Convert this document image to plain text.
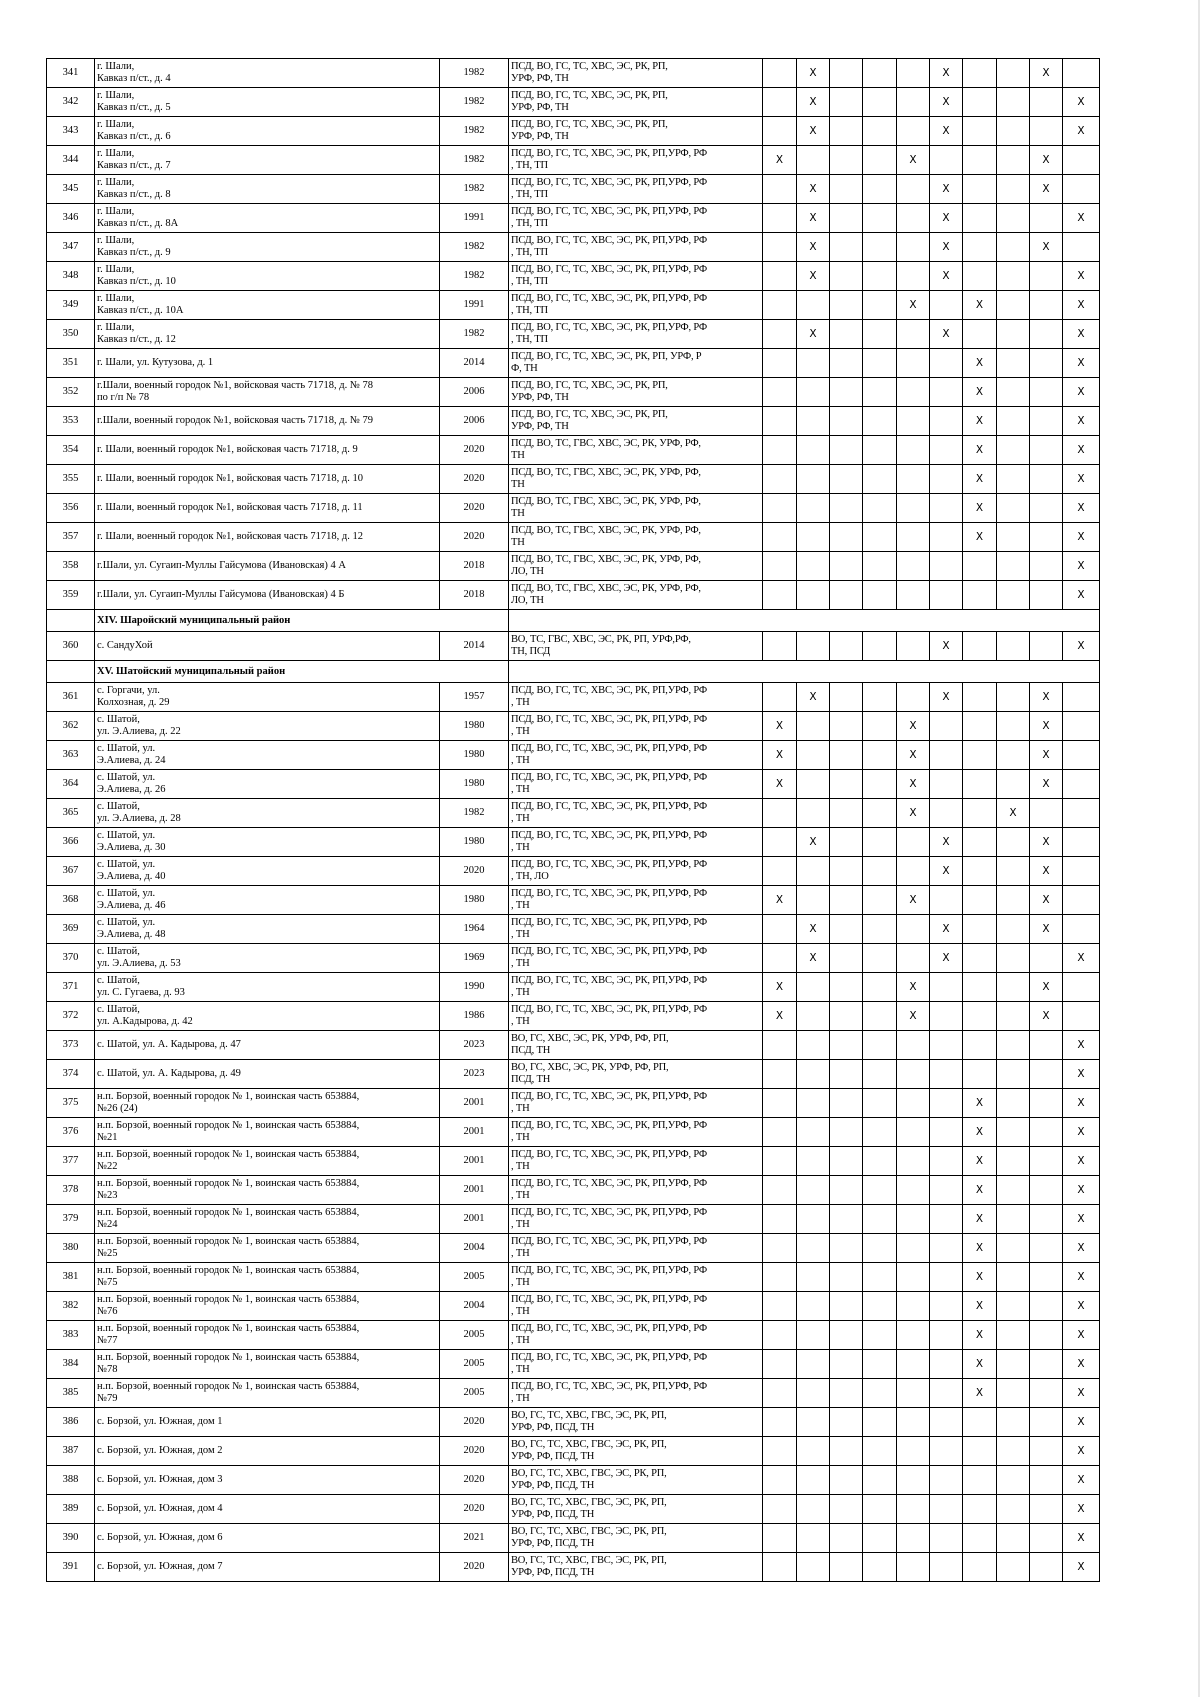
341	г. Шали,
Кавказ п/ст., д. 4	1982	ПСД, ВО, ГС, ТС, ХВС, ЭС, РК, РП,
УРФ, РФ, ТН		X				X			X	
342	г. Шали,
Кавказ п/ст., д. 5	1982	ПСД, ВО, ГС, ТС, ХВС, ЭС, РК, РП,
УРФ, РФ, ТН		X				X				X
343	г. Шали,
Кавказ п/ст., д. 6	1982	ПСД, ВО, ГС, ТС, ХВС, ЭС, РК, РП,
УРФ, РФ, ТН		X				X				X
344	г. Шали,
Кавказ п/ст., д. 7	1982	ПСД, ВО, ГС, ТС, ХВС, ЭС, РК, РП,УРФ, РФ
, ТН, ТП	X				X				X	
345	г. Шали,
Кавказ п/ст., д. 8	1982	ПСД, ВО, ГС, ТС, ХВС, ЭС, РК, РП,УРФ, РФ
, ТН, ТП		X				X			X	
346	г. Шали,
Кавказ п/ст., д. 8А	1991	ПСД, ВО, ГС, ТС, ХВС, ЭС, РК, РП,УРФ, РФ
, ТН, ТП		X				X				X
347	г. Шали,
Кавказ п/ст., д. 9	1982	ПСД, ВО, ГС, ТС, ХВС, ЭС, РК, РП,УРФ, РФ
, ТН, ТП		X				X			X	
348	г. Шали,
Кавказ п/ст., д. 10	1982	ПСД, ВО, ГС, ТС, ХВС, ЭС, РК, РП,УРФ, РФ
, ТН, ТП		X				X				X
349	г. Шали,
Кавказ п/ст., д. 10А	1991	ПСД, ВО, ГС, ТС, ХВС, ЭС, РК, РП,УРФ, РФ
, ТН, ТП					X		X			X
350	г. Шали,
Кавказ п/ст., д. 12	1982	ПСД, ВО, ГС, ТС, ХВС, ЭС, РК, РП,УРФ, РФ
, ТН, ТП		X				X				X
351	г. Шали, ул. Кутузова, д. 1	2014	ПСД, ВО, ГС, ТС, ХВС, ЭС, РК, РП, УРФ, Р
Ф, ТН							X			X
352	г.Шали, военный городок №1, войсковая часть 71718, д. № 78
по г/п № 78	2006	ПСД, ВО, ГС, ТС, ХВС, ЭС, РК, РП,
УРФ, РФ, ТН							X			X
353	г.Шали, военный городок №1, войсковая часть 71718, д. № 79	2006	ПСД, ВО, ГС, ТС, ХВС, ЭС, РК, РП,
УРФ, РФ, ТН							X			X
354	г. Шали, военный городок №1, войсковая часть 71718, д. 9	2020	ПСД, ВО, ТС, ГВС, ХВС, ЭС, РК, УРФ, РФ,
ТН							X			X
355	г. Шали, военный городок №1, войсковая часть 71718, д. 10	2020	ПСД, ВО, ТС, ГВС, ХВС, ЭС, РК, УРФ, РФ,
ТН							X			X
356	г. Шали, военный городок №1, войсковая часть 71718, д. 11	2020	ПСД, ВО, ТС, ГВС, ХВС, ЭС, РК, УРФ, РФ,
ТН							X			X
357	г. Шали, военный городок №1, войсковая часть 71718, д. 12	2020	ПСД, ВО, ТС, ГВС, ХВС, ЭС, РК, УРФ, РФ,
ТН							X			X
358	г.Шали, ул. Сугаип-Муллы Гайсумова (Ивановская) 4 А	2018	ПСД, ВО, ТС, ГВС, ХВС, ЭС, РК, УРФ, РФ,
ЛО, ТН										X
359	г.Шали, ул. Сугаип-Муллы Гайсумова (Ивановская) 4 Б	2018	ПСД, ВО, ТС, ГВС, ХВС, ЭС, РК, УРФ, РФ,
ЛО, ТН										X
	XIV. Шаройский муниципальный район												
360	с. СандуХой	2014	ВО, ТС, ГВС, ХВС, ЭС, РК, РП, УРФ,РФ,
ТН, ПСД						X				X
	XV. Шатойский муниципальный район												
361	с. Горгачи, ул.
Колхозная, д. 29	1957	ПСД, ВО, ГС, ТС, ХВС, ЭС, РК, РП,УРФ, РФ
, ТН		X				X			X	
362	с. Шатой,
ул. Э.Алиева, д. 22	1980	ПСД, ВО, ГС, ТС, ХВС, ЭС, РК, РП,УРФ, РФ
, ТН	X				X				X	
363	с. Шатой, ул.
Э.Алиева, д. 24	1980	ПСД, ВО, ГС, ТС, ХВС, ЭС, РК, РП,УРФ, РФ
, ТН	X				X				X	
364	с. Шатой, ул.
Э.Алиева, д. 26	1980	ПСД, ВО, ГС, ТС, ХВС, ЭС, РК, РП,УРФ, РФ
, ТН	X				X				X	
365	с. Шатой,
ул. Э.Алиева, д. 28	1982	ПСД, ВО, ГС, ТС, ХВС, ЭС, РК, РП,УРФ, РФ
, ТН					X			X		
366	с. Шатой, ул.
Э.Алиева, д. 30	1980	ПСД, ВО, ГС, ТС, ХВС, ЭС, РК, РП,УРФ, РФ
, ТН		X				X			X	
367	с. Шатой, ул.
Э.Алиева, д. 40	2020	ПСД, ВО, ГС, ТС, ХВС, ЭС, РК, РП,УРФ, РФ
, ТН, ЛО						X			X	
368	с. Шатой, ул.
Э.Алиева, д. 46	1980	ПСД, ВО, ГС, ТС, ХВС, ЭС, РК, РП,УРФ, РФ
, ТН	X				X				X	
369	с. Шатой, ул.
Э.Алиева, д. 48	1964	ПСД, ВО, ГС, ТС, ХВС, ЭС, РК, РП,УРФ, РФ
, ТН		X				X			X	
370	с. Шатой,
ул. Э.Алиева, д. 53	1969	ПСД, ВО, ГС, ТС, ХВС, ЭС, РК, РП,УРФ, РФ
, ТН		X				X				X
371	с. Шатой,
ул. С. Гугаева, д. 93	1990	ПСД, ВО, ГС, ТС, ХВС, ЭС, РК, РП,УРФ, РФ
, ТН	X				X				X	
372	с. Шатой,
ул. А.Кадырова, д. 42	1986	ПСД, ВО, ГС, ТС, ХВС, ЭС, РК, РП,УРФ, РФ
, ТН	X				X				X	
373	с. Шатой, ул. А. Кадырова, д. 47	2023	ВО, ГС, ХВС, ЭС, РК, УРФ, РФ, РП,
ПСД, ТН										X
374	с. Шатой, ул. А. Кадырова, д. 49	2023	ВО, ГС, ХВС, ЭС, РК, УРФ, РФ, РП,
ПСД, ТН										X
375	н.п. Борзой, военный городок № 1, воинская часть 653884,
№26 (24)	2001	ПСД, ВО, ГС, ТС, ХВС, ЭС, РК, РП,УРФ, РФ
, ТН							X			X
376	н.п. Борзой, военный городок № 1, воинская часть 653884,
№21	2001	ПСД, ВО, ГС, ТС, ХВС, ЭС, РК, РП,УРФ, РФ
, ТН							X			X
377	н.п. Борзой, военный городок № 1, воинская часть 653884,
№22	2001	ПСД, ВО, ГС, ТС, ХВС, ЭС, РК, РП,УРФ, РФ
, ТН							X			X
378	н.п. Борзой, военный городок № 1, воинская часть 653884,
№23	2001	ПСД, ВО, ГС, ТС, ХВС, ЭС, РК, РП,УРФ, РФ
, ТН							X			X
379	н.п. Борзой, военный городок № 1, воинская часть 653884,
№24	2001	ПСД, ВО, ГС, ТС, ХВС, ЭС, РК, РП,УРФ, РФ
, ТН							X			X
380	н.п. Борзой, военный городок № 1, воинская часть 653884,
№25	2004	ПСД, ВО, ГС, ТС, ХВС, ЭС, РК, РП,УРФ, РФ
, ТН							X			X
381	н.п. Борзой, военный городок № 1, воинская часть 653884,
№75	2005	ПСД, ВО, ГС, ТС, ХВС, ЭС, РК, РП,УРФ, РФ
, ТН							X			X
382	н.п. Борзой, военный городок № 1, воинская часть 653884,
№76	2004	ПСД, ВО, ГС, ТС, ХВС, ЭС, РК, РП,УРФ, РФ
, ТН							X			X
383	н.п. Борзой, военный городок № 1, воинская часть 653884,
№77	2005	ПСД, ВО, ГС, ТС, ХВС, ЭС, РК, РП,УРФ, РФ
, ТН							X			X
384	н.п. Борзой, военный городок № 1, воинская часть 653884,
№78	2005	ПСД, ВО, ГС, ТС, ХВС, ЭС, РК, РП,УРФ, РФ
, ТН							X			X
385	н.п. Борзой, военный городок № 1, воинская часть 653884,
№79	2005	ПСД, ВО, ГС, ТС, ХВС, ЭС, РК, РП,УРФ, РФ
, ТН							X			X
386	с. Борзой, ул. Южная, дом 1	2020	ВО, ГС, ТС, ХВС, ГВС, ЭС, РК, РП,
УРФ, РФ, ПСД, ТН										X
387	с. Борзой, ул. Южная, дом 2	2020	ВО, ГС, ТС, ХВС, ГВС, ЭС, РК, РП,
УРФ, РФ, ПСД, ТН										X
388	с. Борзой, ул. Южная, дом 3	2020	ВО, ГС, ТС, ХВС, ГВС, ЭС, РК, РП,
УРФ, РФ, ПСД, ТН										X
389	с. Борзой, ул. Южная, дом 4	2020	ВО, ГС, ТС, ХВС, ГВС, ЭС, РК, РП,
УРФ, РФ, ПСД, ТН										X
390	с. Борзой, ул. Южная, дом 6	2021	ВО, ГС, ТС, ХВС, ГВС, ЭС, РК, РП,
УРФ, РФ, ПСД, ТН										X
391	с. Борзой, ул. Южная, дом 7	2020	ВО, ГС, ТС, ХВС, ГВС, ЭС, РК, РП,
УРФ, РФ, ПСД, ТН										X
